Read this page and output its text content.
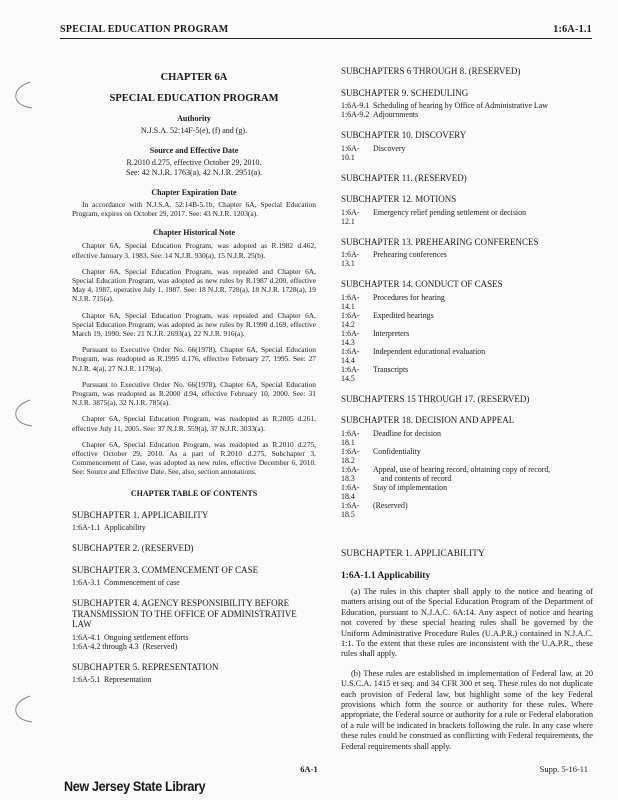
SPECIAL EDUCATION PROGRAM	1:6A-1.1
CHAPTER 6A
SPECIAL EDUCATION PROGRAM
Authority
N.J.S.A. 52:14F-5(e), (f) and (g).
Source and Effective Date
R.2010 d.275, effective October 29, 2010.
See: 42 N.J.R. 1763(a), 42 N.J.R. 2951(a).
Chapter Expiration Date

In accordance with N.J.S.A. 52:14B-5.1b, Chapter 6A, Special Education Program, expires on October 29, 2017. See: 43 N.J.R. 1203(a).

Chapter Historical Note

Chapter 6A, Special Education Program, was adopted as R.1982 d.462, effective January 3, 1983. See: 14 N.J.R. 930(a), 15 N.J.R. 25(b).

Chapter 6A, Special Education Program, was repealed and Chapter 6A, Special Education Program, was adopted as new rules by R.1987 d.200, effective May 4, 1987, operative July 1, 1987. See: 18 N.J.R. 728(a), 18 N.J.R. 1728(a), 19 N.J.R. 715(a).

Chapter 6A, Special Education Program, was repealed and Chapter 6A, Special Education Program, was adopted as new rules by R.1990 d.169, effective March 19, 1990. See: 21 N.J.R. 2693(a), 22 N.J.R. 916(a).

Pursuant to Executive Order No. 66(1978), Chapter 6A, Special Education Program, was readopted as R.1995 d.176, effective February 27, 1995. See: 27 N.J.R. 4(a), 27 N.J.R. 1179(a).

Pursuant to Executive Order No. 66(1978), Chapter 6A, Special Education Program, was readopted as R.2000 d.94, effective February 10, 2000. See: 31 N.J.R. 3875(a), 32 N.J.R. 785(a).

Chapter 6A, Special Education Program, was readopted as R.2005 d.261, effective July 11, 2005. See: 37 N.J.R. 559(a), 37 N.J.R. 3033(a).

Chapter 6A, Special Education Program, was readopted as R.2010 d.275, effective October 29, 2010. As a part of R.2010 d.275, Subchapter 3, Commencement of Case, was adopted as new rules, effective December 6, 2010. See: Source and Effective Date. See, also, section annotations.

CHAPTER TABLE OF CONTENTS
SUBCHAPTER 1. APPLICABILITY
1:6A-1.1 Applicability
SUBCHAPTER 2. (RESERVED)
SUBCHAPTER 3. COMMENCEMENT OF CASE
1:6A-3.1 Commencement of case
SUBCHAPTER 4. AGENCY RESPONSIBILITY BEFORE TRANSMISSION TO THE OFFICE OF ADMINISTRATIVE LAW
1:6A-4.1 Ongoing settlement efforts
1:6A-4.2 through 4.3 (Reserved)
SUBCHAPTER 5. REPRESENTATION
1:6A-5.1 Representation
SUBCHAPTERS 6 THROUGH 8. (RESERVED)
SUBCHAPTER 9. SCHEDULING
1:6A-9.1 Scheduling of hearing by Office of Administrative Law
1:6A-9.2 Adjournments
SUBCHAPTER 10. DISCOVERY
1:6A-10.1
Discovery
SUBCHAPTER 11. (RESERVED)
SUBCHAPTER 12. MOTIONS
1:6A-12.1
Emergency relief pending settlement or decision
SUBCHAPTER 13. PREHEARING CONFERENCES
1:6A-13.1
Prehearing conferences
SUBCHAPTER 14. CONDUCT OF CASES
1:6A-14.1
Procedures for hearing
1:6A-14.2
Expedited hearings
1:6A-14.3
Interpreters
1:6A-14.4
Independent educational evaluation
1:6A-14.5
Transcripts
SUBCHAPTERS 15 THROUGH 17. (RESERVED)
SUBCHAPTER 18. DECISION AND APPEAL
1:6A-18.1
Deadline for decision
1:6A-18.2
Confidentiality
1:6A-18.3
Appeal, use of hearing record, obtaining copy of record,
and contents of record
1:6A-18.4
Stay of implementation
1:6A-18.5
(Reserved)
SUBCHAPTER 1. APPLICABILITY
1:6A-1.1 Applicability

(a) The rules in this chapter shall apply to the notice and hearing of matters arising out of the Special Education Program of the Department of Education, pursuant to N.J.A.C. 6A:14. Any aspect of notice and hearing not covered by these special hearing rules shall be governed by the Uniform Administrative Procedure Rules (U.A.P.R.) contained in N.J.A.C. 1:1. To the extent that these rules are inconsistent with the U.A.P.R., these rules shall apply.

(b) These rules are established in implementation of Federal law, at 20 U.S.C.A. 1415 et seq. and 34 CFR 300 et seq. These rules do not duplicate each provision of Federal law, but highlight some of the key Federal provisions which form the source or authority for these rules. Where appropriate, the Federal source or authority for a rule or Federal elaboration of a rule will be indicated in brackets following the rule. In any case where these rules could be construed as conflicting with Federal requirements, the Federal requirements shall apply.

6A-1	Supp. 5-16-11
New Jersey State Library
